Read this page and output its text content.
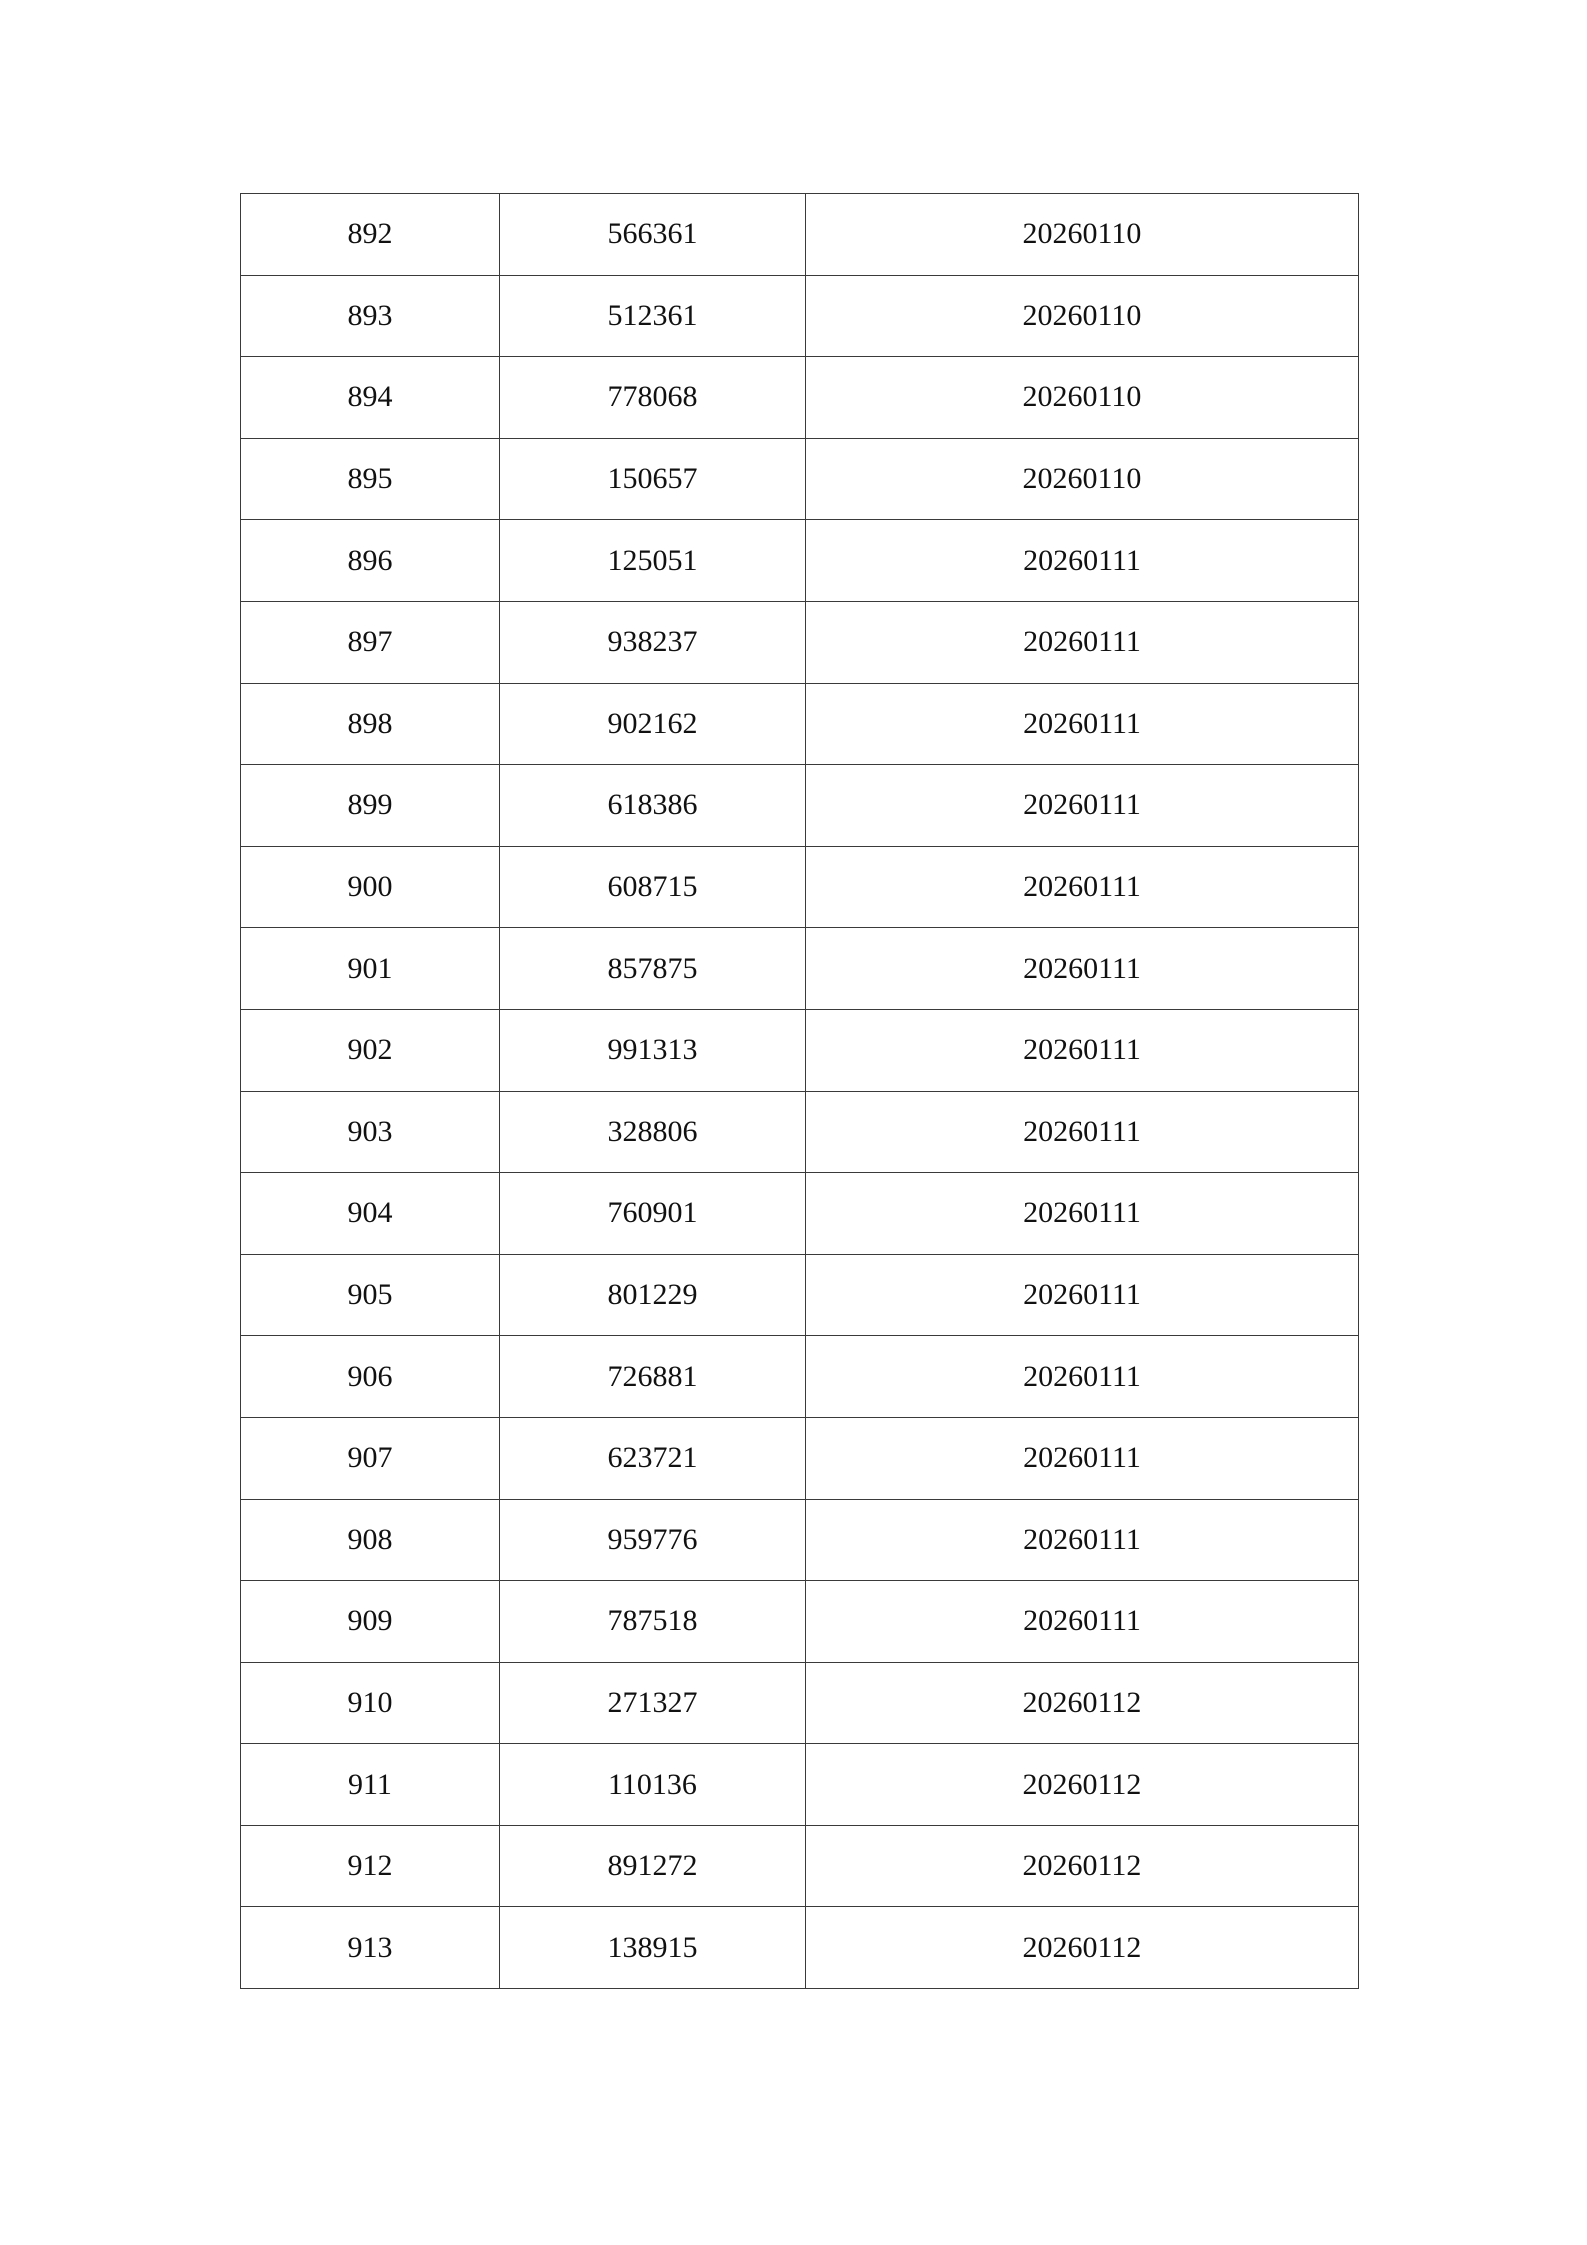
892	566361	20260110
893	512361	20260110
894	778068	20260110
895	150657	20260110
896	125051	20260111
897	938237	20260111
898	902162	20260111
899	618386	20260111
900	608715	20260111
901	857875	20260111
902	991313	20260111
903	328806	20260111
904	760901	20260111
905	801229	20260111
906	726881	20260111
907	623721	20260111
908	959776	20260111
909	787518	20260111
910	271327	20260112
911	110136	20260112
912	891272	20260112
913	138915	20260112
